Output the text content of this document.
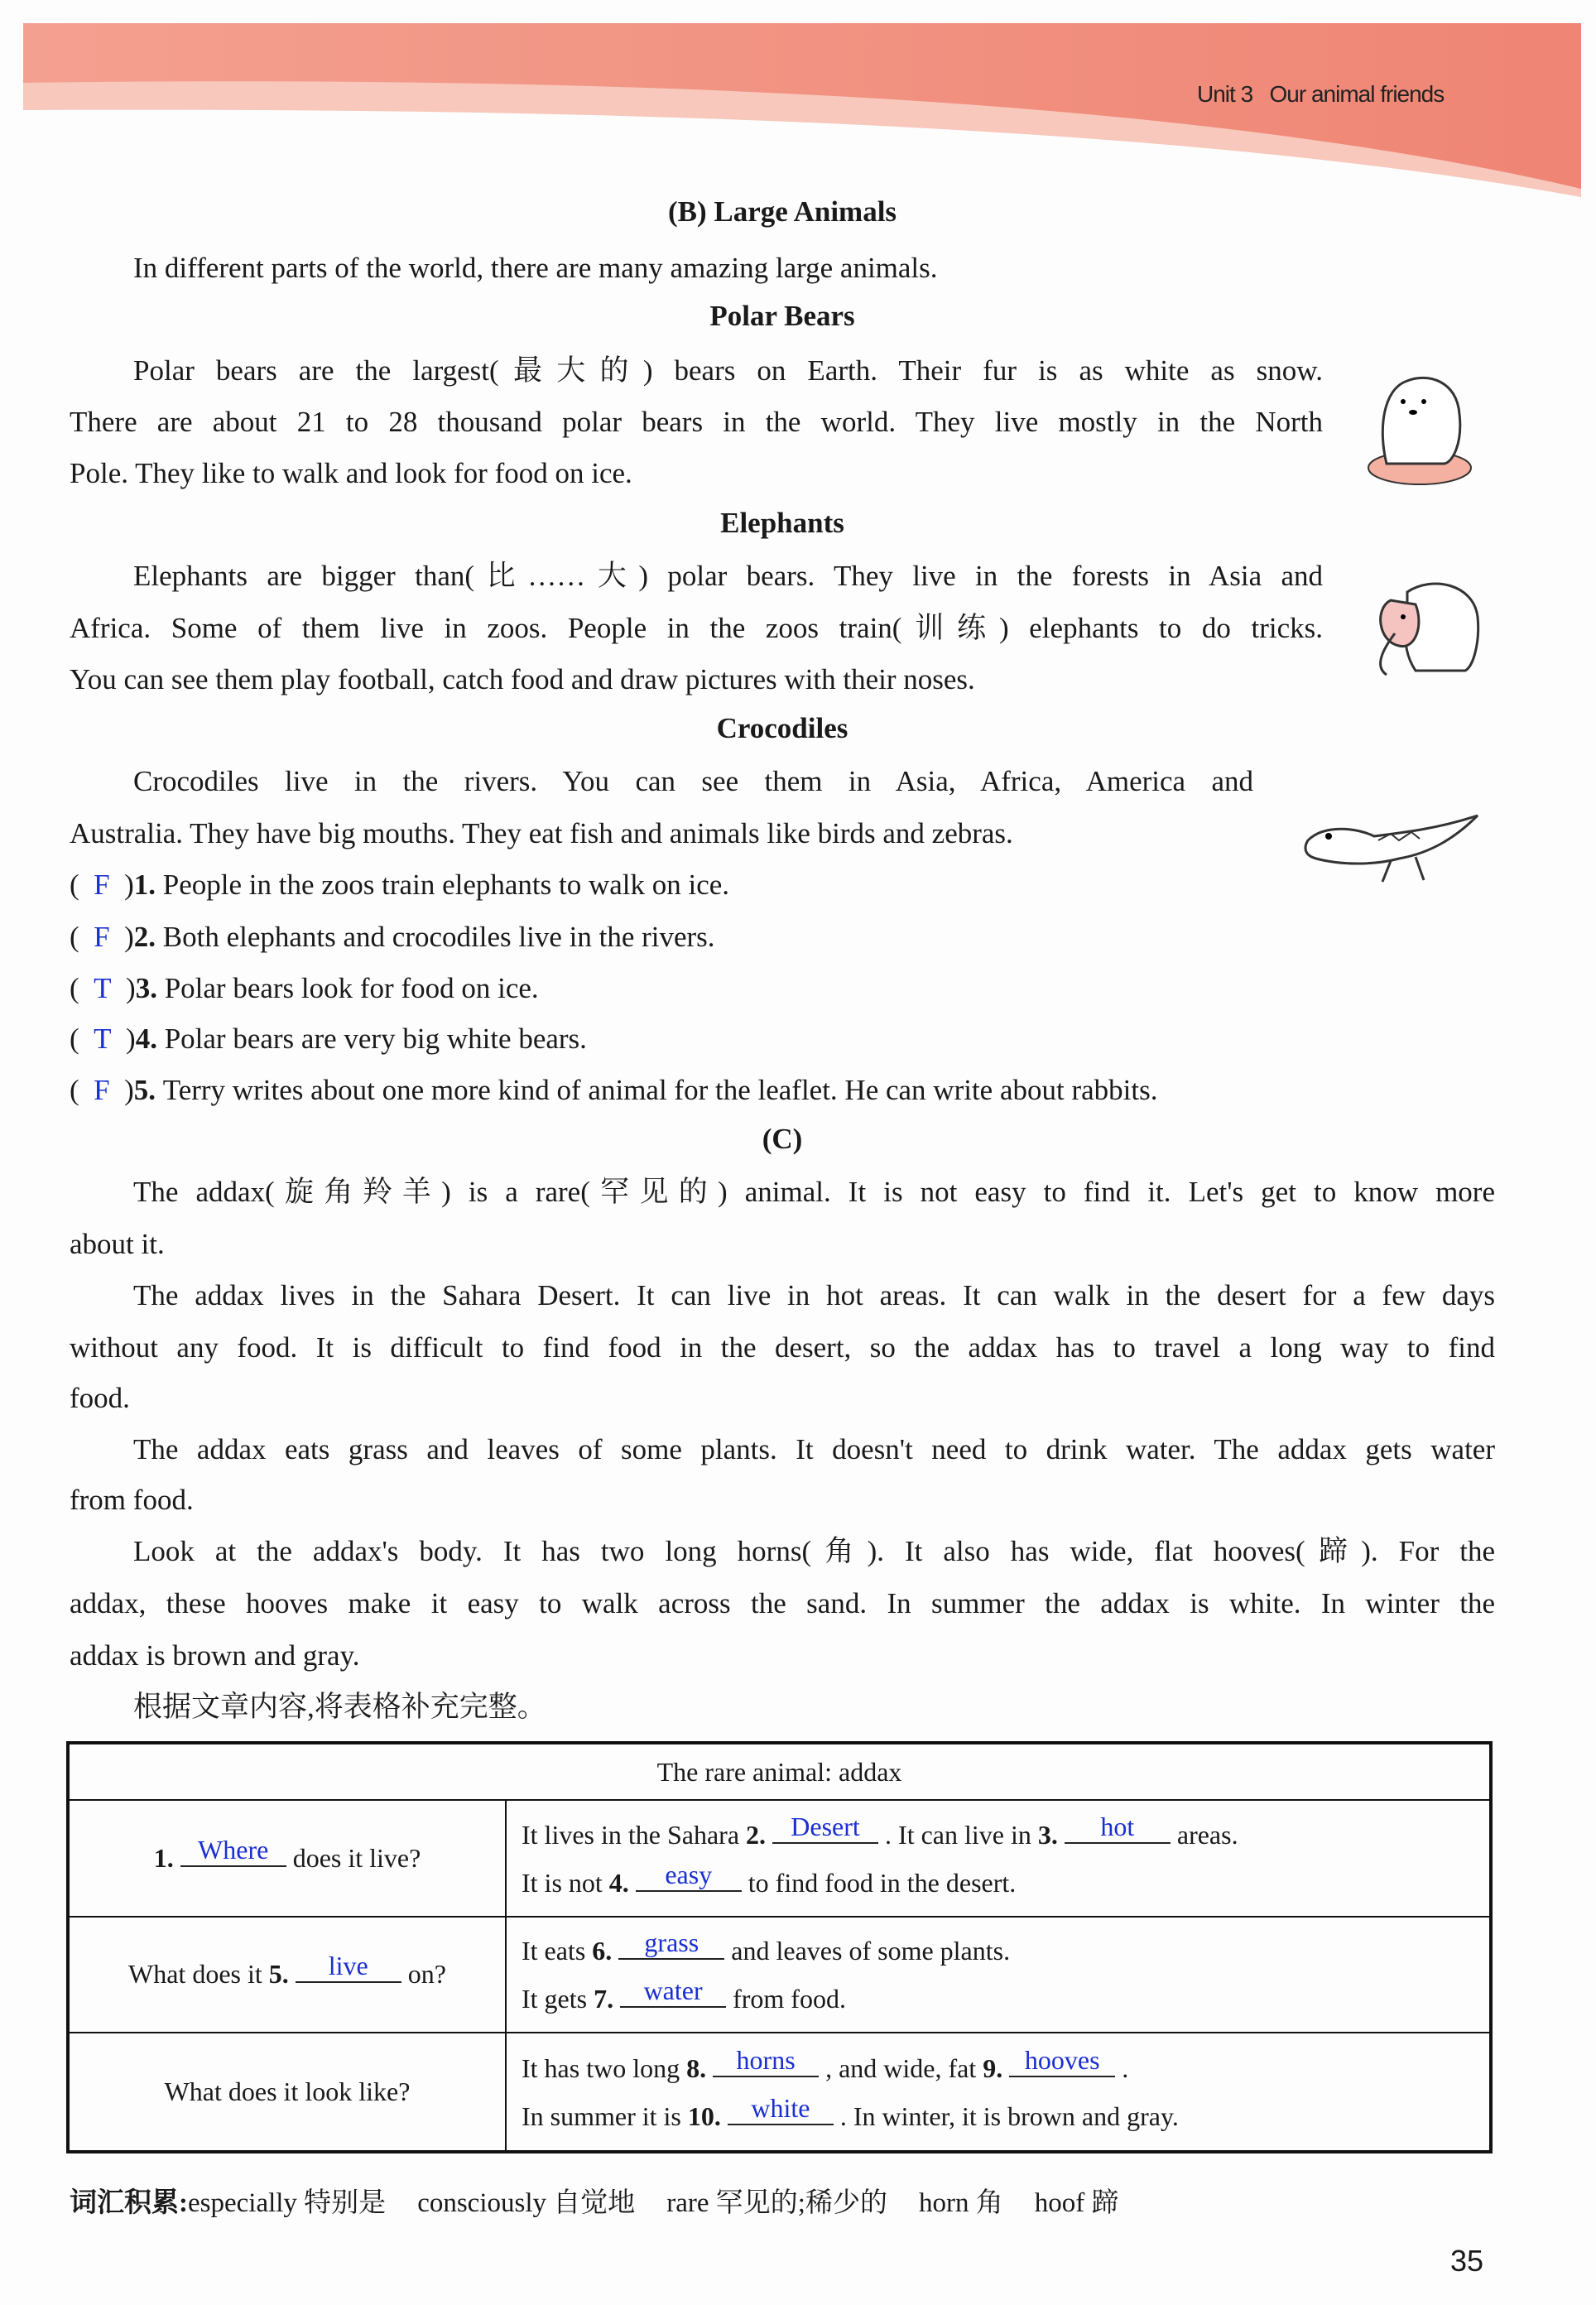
Unit 3 Our animal friends
(B) Large Animals
In different parts of the world, there are many amazing large animals.
Polar Bears
Polar bears are the largest(最大的) bears on Earth. Their fur is as white as snow.
There are about 21 to 28 thousand polar bears in the world. They live mostly in the North
Pole. They like to walk and look for food on ice.
Elephants
Elephants are bigger than(比……大) polar bears. They live in the forests in Asia and
Africa. Some of them live in zoos. People in the zoos train(训练) elephants to do tricks.
You can see them play football, catch food and draw pictures with their noses.
Crocodiles
Crocodiles live in the rivers. You can see them in Asia, Africa, America and
Australia. They have big mouths. They eat fish and animals like birds and zebras.
(  F  )1. People in the zoos train elephants to walk on ice.
(  F  )2. Both elephants and crocodiles live in the rivers.
(  T  )3. Polar bears look for food on ice.
(  T  )4. Polar bears are very big white bears.
(  F  )5. Terry writes about one more kind of animal for the leaflet. He can write about rabbits.
(C)
The addax(旋角羚羊) is a rare(罕见的) animal. It is not easy to find it. Let's get to know more
about it.
The addax lives in the Sahara Desert. It can live in hot areas. It can walk in the desert for a few days
without any food. It is difficult to find food in the desert, so the addax has to travel a long way to find
food.
The addax eats grass and leaves of some plants. It doesn't need to drink water. The addax gets water
from food.
Look at the addax's body. It has two long horns(角). It also has wide, flat hooves(蹄). For the
addax, these hooves make it easy to walk across the sand. In summer the addax is white. In winter the
addax is brown and gray.
根据文章内容,将表格补充完整。
The rare animal: addax	
1. Where does it live?	It lives in the Sahara 2. Desert . It can live in 3. hot areas.
It is not 4. easy to find food in the desert.

What does it 5. live on?	It eats 6. grass and leaves of some plants.
It gets 7. water from food.

What does it look like?	It has two long 8. horns , and wide, fat 9. hooves .
In summer it is 10. white . In winter, it is brown and gray.
词汇积累:especially 特别是 consciously 自觉地 rare 罕见的;稀少的 horn 角 hoof 蹄
35
